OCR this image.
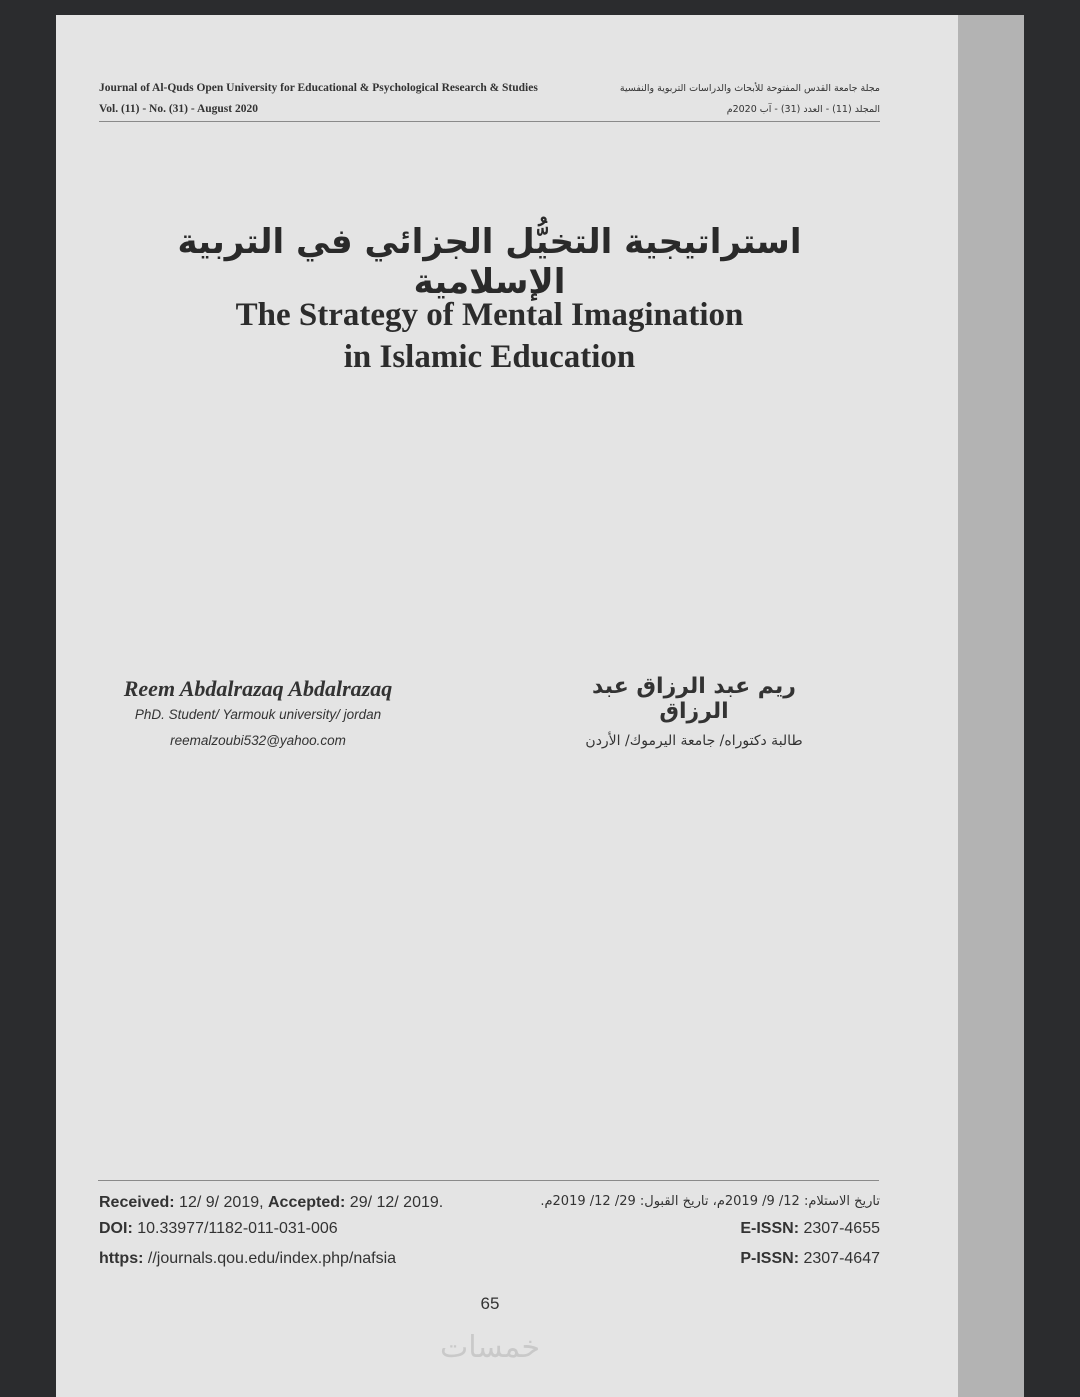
Journal of Al-Quds Open University for Educational & Psychological Research & Studies	مجلة جامعة القدس المفتوحة للأبحاث والدراسات التربوية والنفسية
Vol. (11) - No. (31) - August 2020	المجلد (11) - العدد (31) - آب 2020م
استراتيجية التخيُّل الجزائي في التربية الإسلامية
The Strategy of Mental Imagination
in Islamic Education
Reem Abdalrazaq Abdalrazaq
PhD. Student/ Yarmouk university/ jordan
reemalzoubi532@yahoo.com
ريم عبد الرزاق عبد الرزاق
طالبة دكتوراه/ جامعة اليرموك/ الأردن
Received: 12/ 9/ 2019, Accepted: 29/ 12/ 2019.	تاريخ الاستلام: 12/ 9/ 2019م، تاريخ القبول: 29/ 12/ 2019م.
DOI: 10.33977/1182-011-031-006	E-ISSN: 2307-4655
https: //journals.qou.edu/index.php/nafsia	P-ISSN: 2307-4647
65
خمسات
